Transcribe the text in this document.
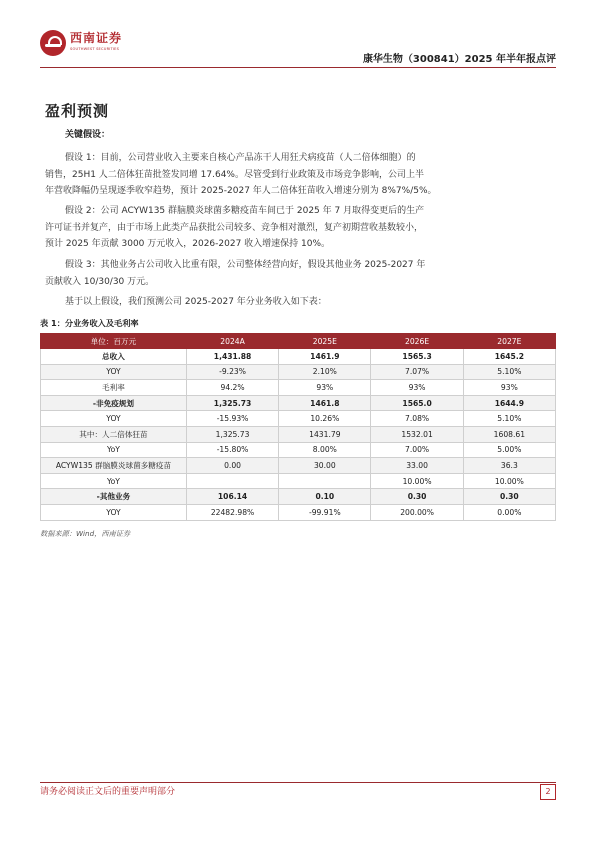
西南证券
SOUTHWEST SECURITIES
康华生物（300841）2025 年半年报点评
盈利预测
关键假设：
假设 1：目前，公司营业收入主要来自核心产品冻干人用狂犬病疫苗（人二倍体细胞）的
销售，25H1 人二倍体狂苗批签发同增 17.64%。尽管受到行业政策及市场竞争影响，公司上半
年营收降幅仍呈现逐季收窄趋势，预计 2025-2027 年人二倍体狂苗收入增速分别为 8%7%/5%。
假设 2：公司 ACYW135 群脑膜炎球菌多糖疫苗车间已于 2025 年 7 月取得变更后的生产
许可证书并复产，由于市场上此类产品获批公司较多、竞争相对激烈，复产初期营收基数较小，
预计 2025 年贡献 3000 万元收入，2026-2027 收入增速保持 10%。
假设 3：其他业务占公司收入比重有限，公司整体经营向好，假设其他业务 2025-2027 年
贡献收入 10/30/30 万元。
基于以上假设，我们预测公司 2025-2027 年分业务收入如下表：
表 1：分业务收入及毛利率
单位：百万元	2024A	2025E	2026E	2027E
总收入	1,431.88	1461.9	1565.3	1645.2
YOY	-9.23%	2.10%	7.07%	5.10%
毛利率	94.2%	93%	93%	93%
-非免疫规划	1,325.73	1461.8	1565.0	1644.9
YOY	-15.93%	10.26%	7.08%	5.10%
其中：人二倍体狂苗	1,325.73	1431.79	1532.01	1608.61
YoY	-15.80%	8.00%	7.00%	5.00%
ACYW135 群脑膜炎球菌多糖疫苗	0.00	30.00	33.00	36.3
YoY			10.00%	10.00%
-其他业务	106.14	0.10	0.30	0.30
YOY	22482.98%	-99.91%	200.00%	0.00%
数据来源：Wind，西南证券
请务必阅读正文后的重要声明部分	2
